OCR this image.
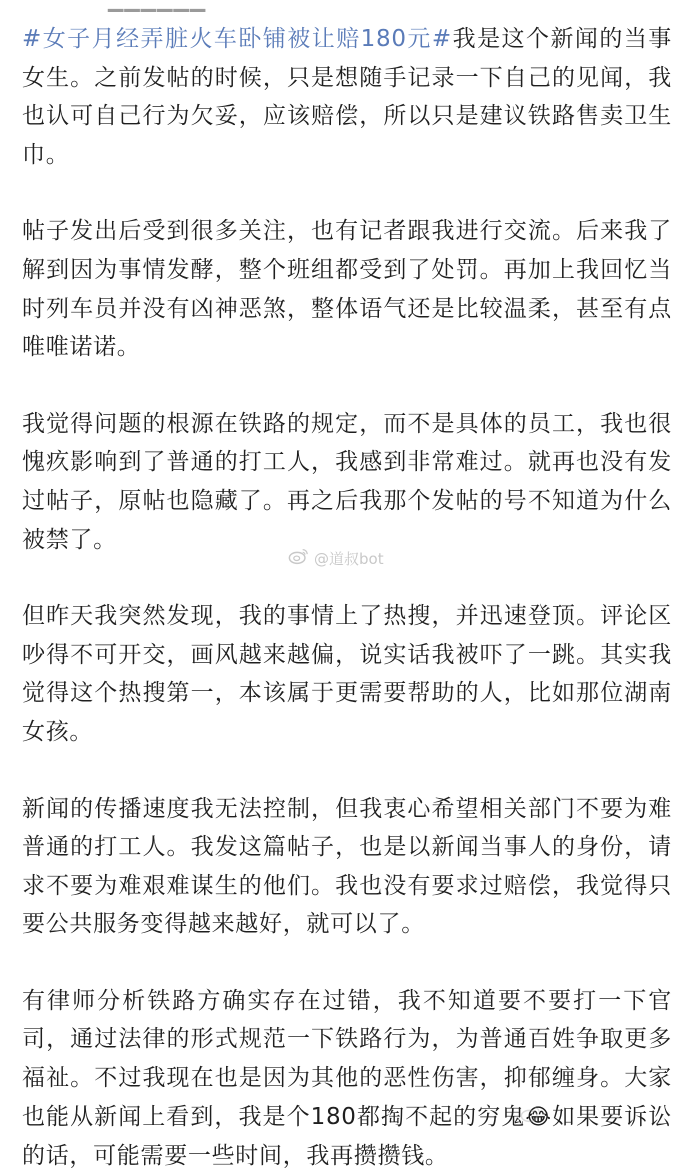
▁▁▁▁▁▁

#女子月经弄脏火车卧铺被让赔180元#我是这个新闻的当事女生。之前发帖的时候，只是想随手记录一下自己的见闻，我也认可自己行为欠妥，应该赔偿，所以只是建议铁路售卖卫生巾。

帖子发出后受到很多关注，也有记者跟我进行交流。后来我了解到因为事情发酵，整个班组都受到了处罚。再加上我回忆当时列车员并没有凶神恶煞，整体语气还是比较温柔，甚至有点唯唯诺诺。

我觉得问题的根源在铁路的规定，而不是具体的员工，我也很愧疚影响到了普通的打工人，我感到非常难过。就再也没有发过帖子，原帖也隐藏了。再之后我那个发帖的号不知道为什么被禁了。

但昨天我突然发现，我的事情上了热搜，并迅速登顶。评论区吵得不可开交，画风越来越偏，说实话我被吓了一跳。其实我觉得这个热搜第一，本该属于更需要帮助的人，比如那位湖南女孩。

新闻的传播速度我无法控制，但我衷心希望相关部门不要为难普通的打工人。我发这篇帖子，也是以新闻当事人的身份，请求不要为难艰难谋生的他们。我也没有要求过赔偿，我觉得只要公共服务变得越来越好，就可以了。

有律师分析铁路方确实存在过错，我不知道要不要打一下官司，通过法律的形式规范一下铁路行为，为普通百姓争取更多福祉。不过我现在也是因为其他的恶性伤害，抑郁缠身。大家也能从新闻上看到，我是个180都掏不起的穷鬼😂如果要诉讼的话，可能需要一些时间，我再攒攒钱。

@道叔bot
